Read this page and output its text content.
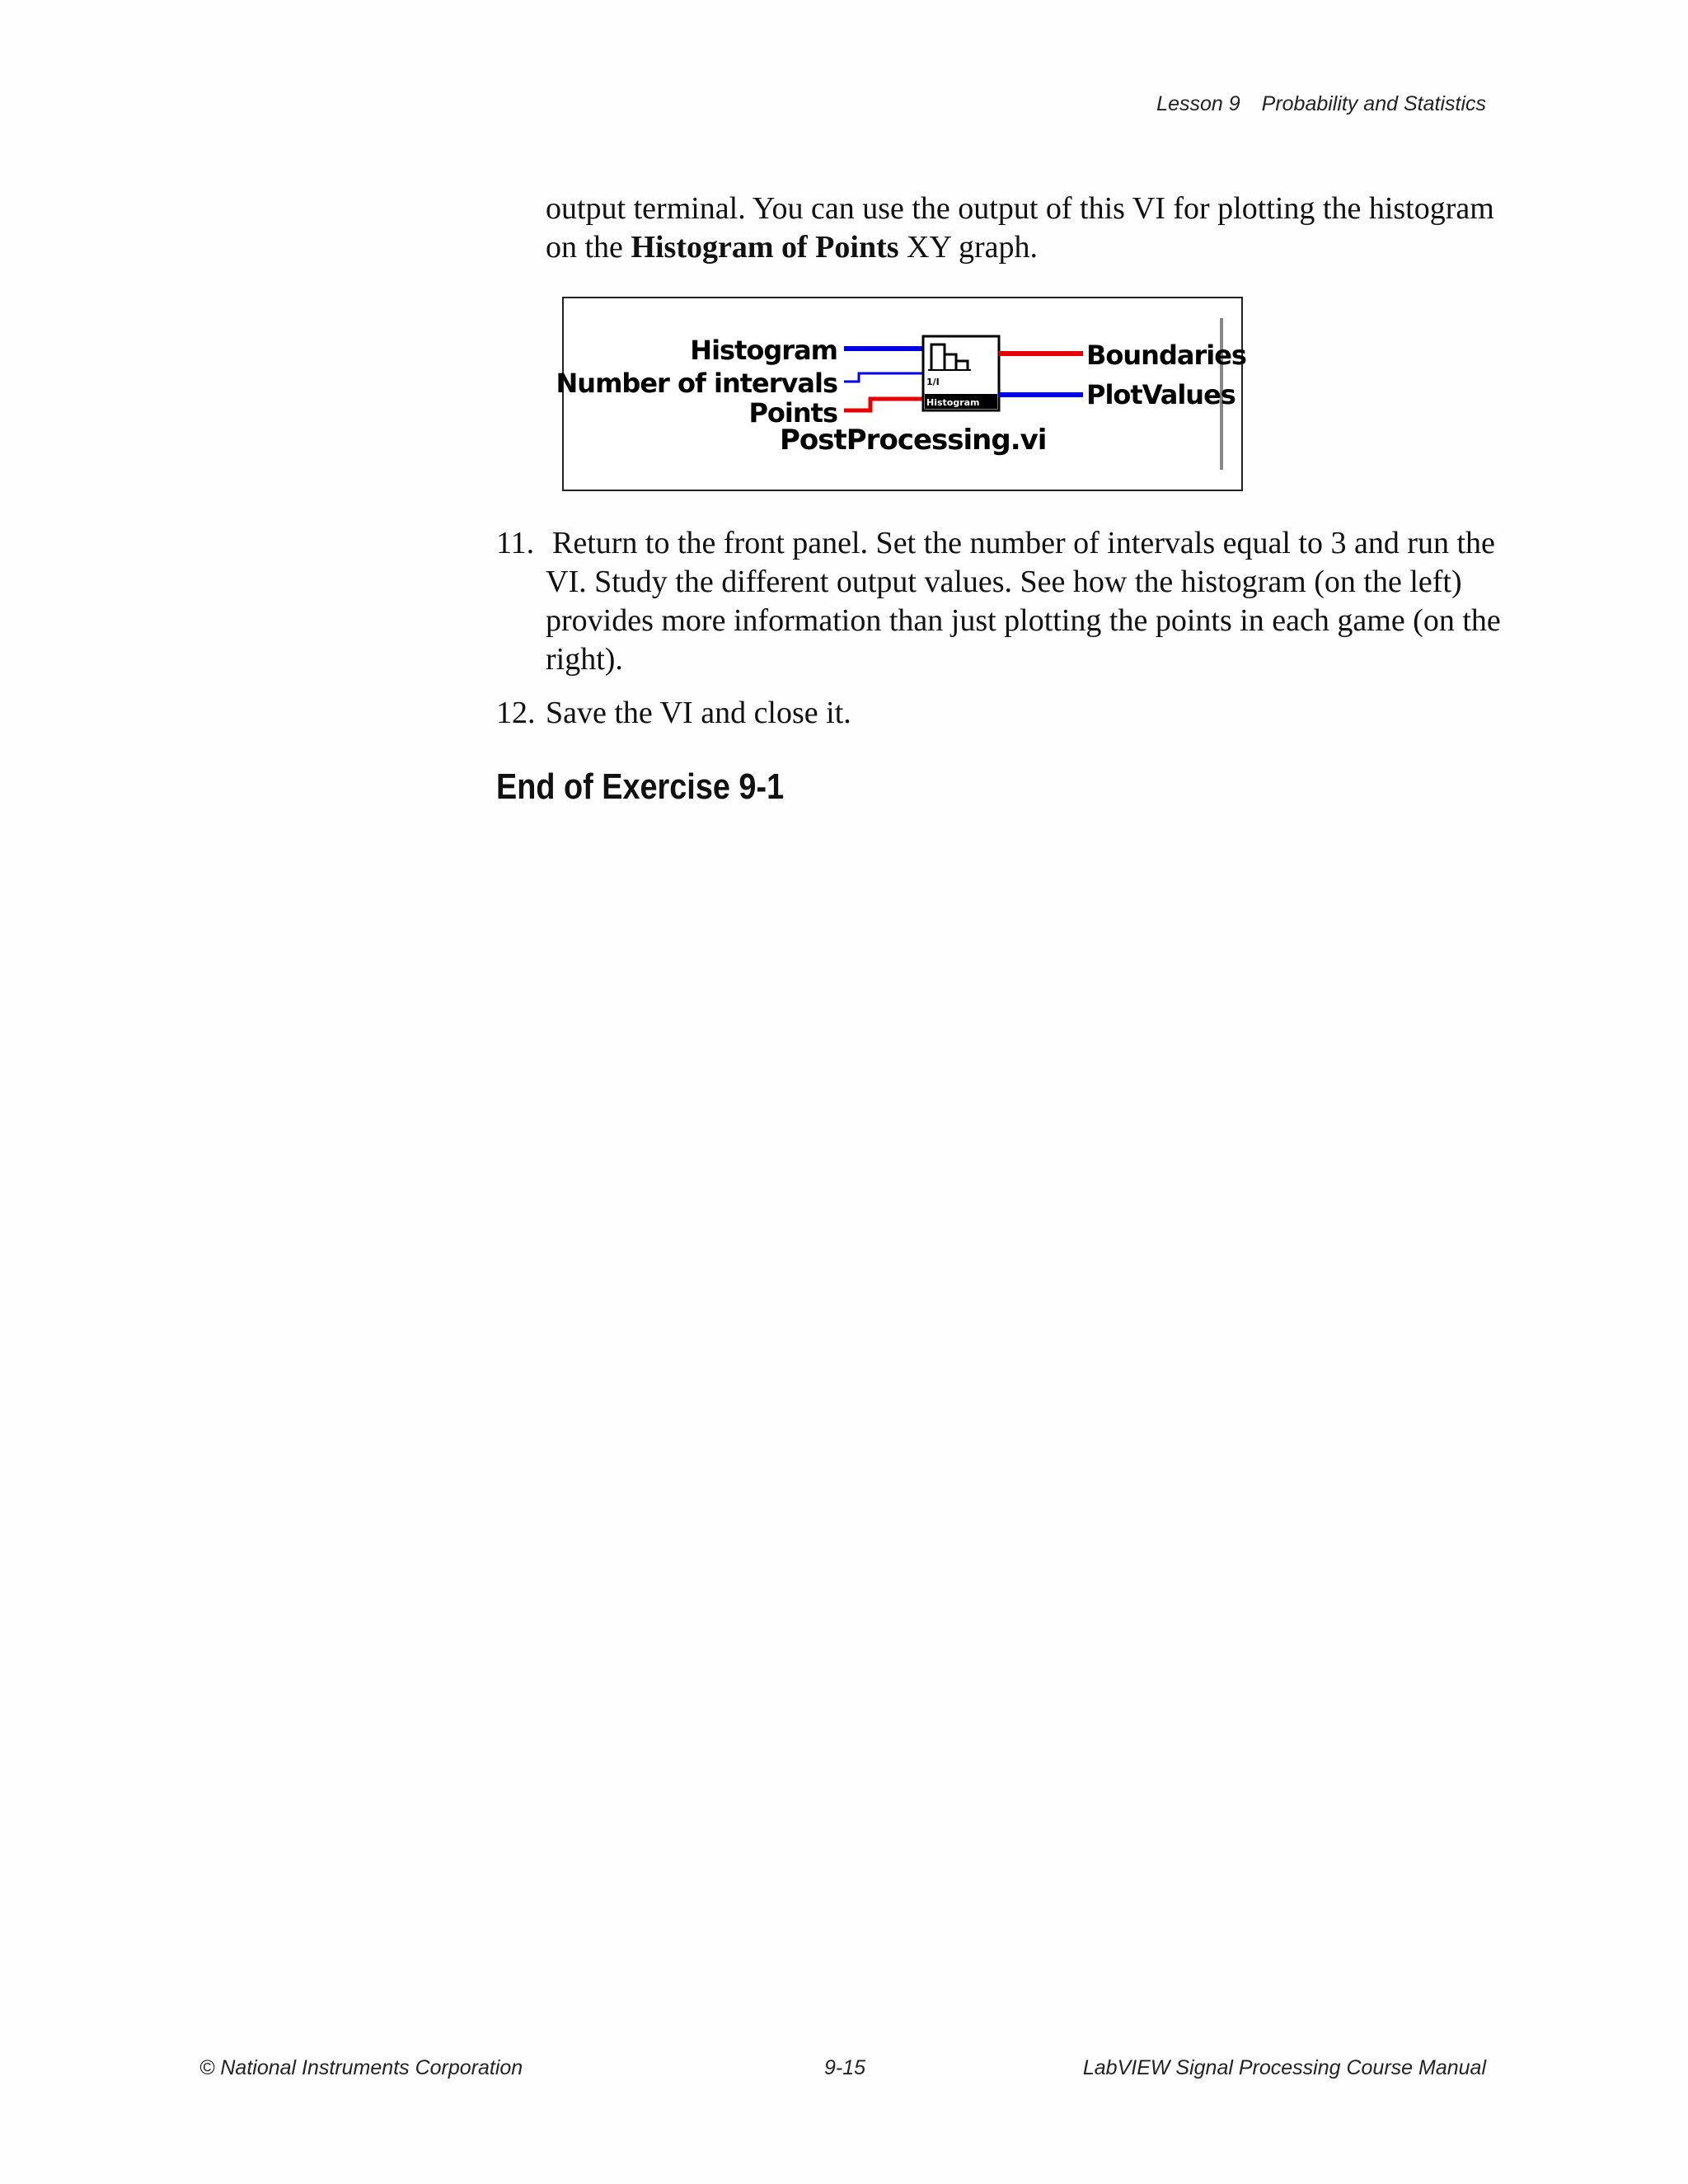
Lesson 9 Probability and Statistics
output terminal. You can use the output of this VI for plotting the histogram on the Histogram of Points XY graph.
1/I
Histogram
Histogram
Number of intervals
Points
Boundaries
PlotValues
PostProcessing.vi
11. Return to the front panel. Set the number of intervals equal to 3 and run the VI. Study the different output values. See how the histogram (on the left) provides more information than just plotting the points in each game (on the right).
12. Save the VI and close it.
End of Exercise 9-1
© National Instruments Corporation	9-15	LabVIEW Signal Processing Course Manual
